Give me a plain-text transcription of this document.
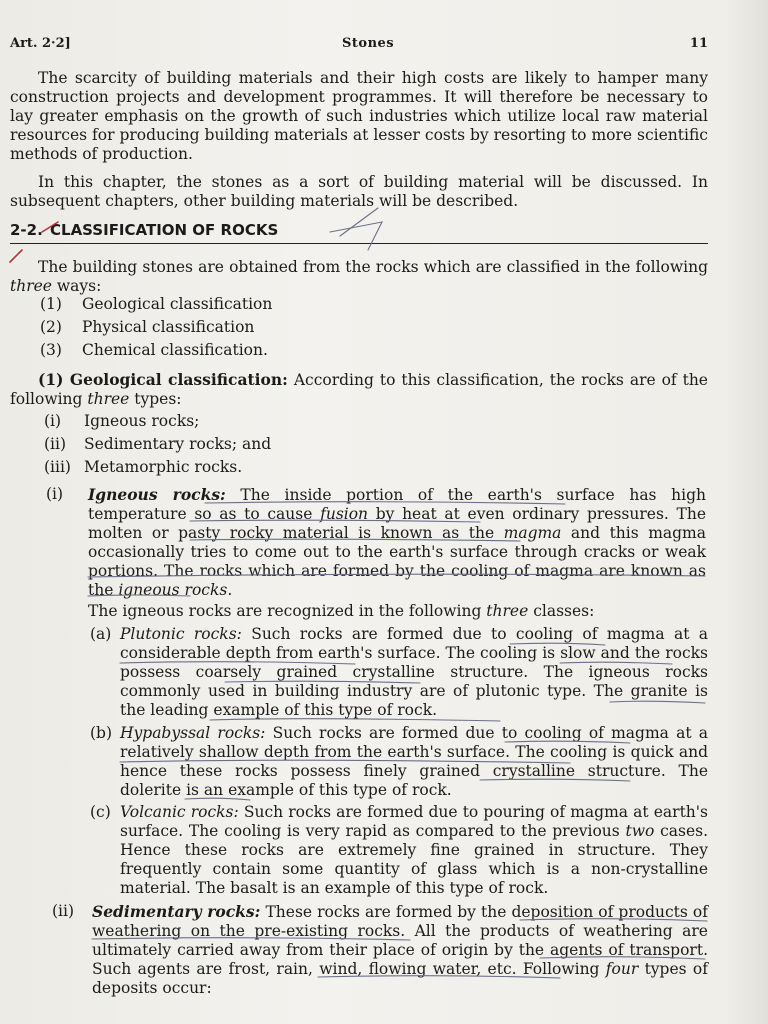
Art. 2·2]	Stones	11
The scarcity of building materials and their high costs are likely to hamper many construction projects and development programmes. It will therefore be necessary to lay greater emphasis on the growth of such industries which utilize local raw material resources for producing building materials at lesser costs by resorting to more scientific methods of production.
In this chapter, the stones as a sort of building material will be discussed. In subsequent chapters, other building materials will be described.
2-2. CLASSIFICATION OF ROCKS
The building stones are obtained from the rocks which are classified in the following three ways:
(1) Geological classification
(2) Physical classification
(3) Chemical classification.
(1) Geological classification: According to this classification, the rocks are of the following three types:
(i) Igneous rocks;
(ii) Sedimentary rocks; and
(iii) Metamorphic rocks.
(i) Igneous rocks: The inside portion of the earth's surface has high temperature so as to cause fusion by heat at even ordinary pressures. The molten or pasty rocky material is known as the magma and this magma occasionally tries to come out to the earth's surface through cracks or weak portions. The rocks which are formed by the cooling of magma are known as the igneous rocks.
The igneous rocks are recognized in the following three classes:
(a) Plutonic rocks: Such rocks are formed due to cooling of magma at a considerable depth from earth's surface. The cooling is slow and the rocks possess coarsely grained crystalline structure. The igneous rocks commonly used in building industry are of plutonic type. The granite is the leading example of this type of rock.
(b) Hypabyssal rocks: Such rocks are formed due to cooling of magma at a relatively shallow depth from the earth's surface. The cooling is quick and hence these rocks possess finely grained crystalline structure. The dolerite is an example of this type of rock.
(c) Volcanic rocks: Such rocks are formed due to pouring of magma at earth's surface. The cooling is very rapid as compared to the previous two cases. Hence these rocks are extremely fine grained in structure. They frequently contain some quantity of glass which is a non-crystalline material. The basalt is an example of this type of rock.
(ii) Sedimentary rocks: These rocks are formed by the deposition of products of weathering on the pre-existing rocks. All the products of weathering are ultimately carried away from their place of origin by the agents of transport. Such agents are frost, rain, wind, flowing water, etc. Following four types of deposits occur:
